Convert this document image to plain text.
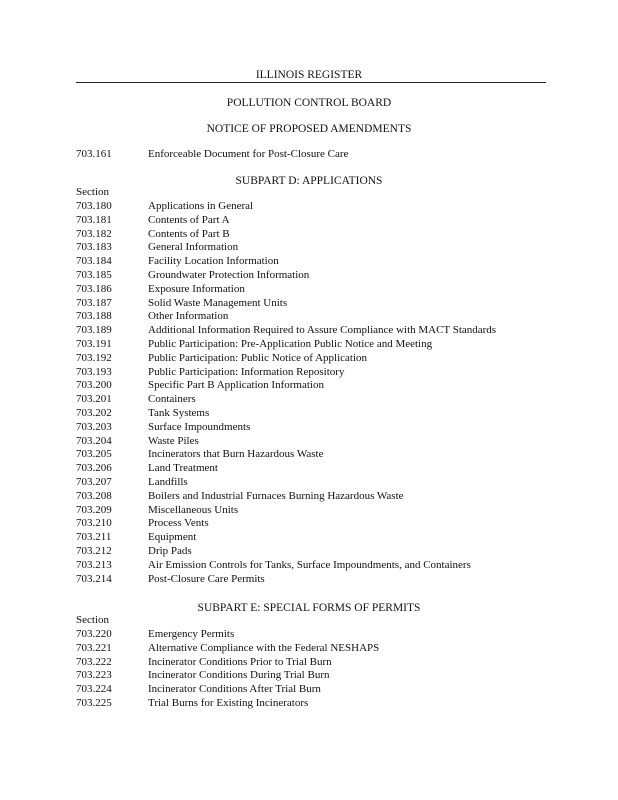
ILLINOIS REGISTER
POLLUTION CONTROL BOARD
NOTICE OF PROPOSED AMENDMENTS
703.161	Enforceable Document for Post-Closure Care
SUBPART D: APPLICATIONS
Section
703.180	Applications in General
703.181	Contents of Part A
703.182	Contents of Part B
703.183	General Information
703.184	Facility Location Information
703.185	Groundwater Protection Information
703.186	Exposure Information
703.187	Solid Waste Management Units
703.188	Other Information
703.189	Additional Information Required to Assure Compliance with MACT Standards
703.191	Public Participation: Pre-Application Public Notice and Meeting
703.192	Public Participation: Public Notice of Application
703.193	Public Participation: Information Repository
703.200	Specific Part B Application Information
703.201	Containers
703.202	Tank Systems
703.203	Surface Impoundments
703.204	Waste Piles
703.205	Incinerators that Burn Hazardous Waste
703.206	Land Treatment
703.207	Landfills
703.208	Boilers and Industrial Furnaces Burning Hazardous Waste
703.209	Miscellaneous Units
703.210	Process Vents
703.211	Equipment
703.212	Drip Pads
703.213	Air Emission Controls for Tanks, Surface Impoundments, and Containers
703.214	Post-Closure Care Permits
SUBPART E: SPECIAL FORMS OF PERMITS
Section
703.220	Emergency Permits
703.221	Alternative Compliance with the Federal NESHAPS
703.222	Incinerator Conditions Prior to Trial Burn
703.223	Incinerator Conditions During Trial Burn
703.224	Incinerator Conditions After Trial Burn
703.225	Trial Burns for Existing Incinerators
